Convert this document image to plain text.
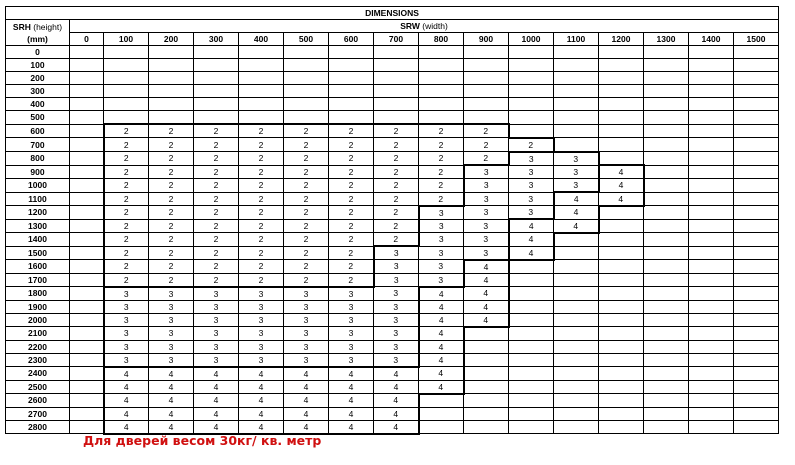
DIMENSIONS																
SRH (height)
(mm)	SRW (width)															
	0	100	200	300	400	500	600	700	800	900	1000	1100	1200	1300	1400	1500
0																
100																
200																
300																
400																
500																
600		2	2	2	2	2	2	2	2	2						
700		2	2	2	2	2	2	2	2	2	2					
800		2	2	2	2	2	2	2	2	2	3	3				
900		2	2	2	2	2	2	2	2	3	3	3	4			
1000		2	2	2	2	2	2	2	2	3	3	3	4			
1100		2	2	2	2	2	2	2	2	3	3	4	4			
1200		2	2	2	2	2	2	2	3	3	3	4				
1300		2	2	2	2	2	2	2	3	3	4	4				
1400		2	2	2	2	2	2	2	3	3	4					
1500		2	2	2	2	2	2	3	3	3	4					
1600		2	2	2	2	2	2	3	3	4						
1700		2	2	2	2	2	2	3	3	4						
1800		3	3	3	3	3	3	3	4	4						
1900		3	3	3	3	3	3	3	4	4						
2000		3	3	3	3	3	3	3	4	4						
2100		3	3	3	3	3	3	3	4							
2200		3	3	3	3	3	3	3	4							
2300		3	3	3	3	3	3	3	4							
2400		4	4	4	4	4	4	4	4							
2500		4	4	4	4	4	4	4	4							
2600		4	4	4	4	4	4	4								
2700		4	4	4	4	4	4	4								
2800		4	4	4	4	4	4	4								
Для дверей весом 30кг/ кв. метр
